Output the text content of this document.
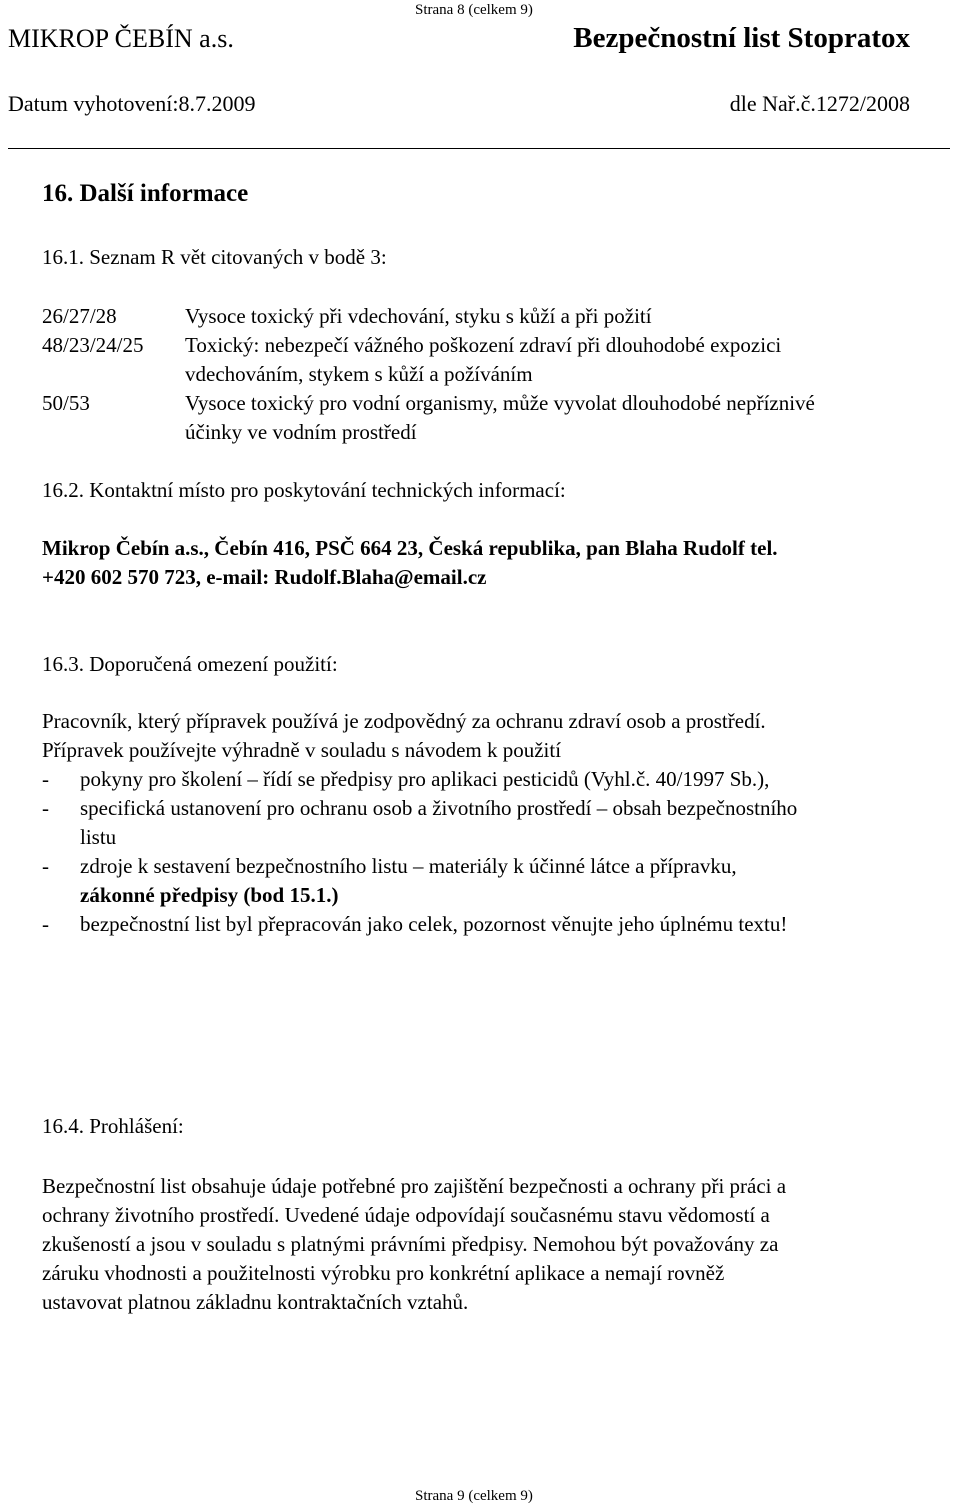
Strana 8 (celkem 9)
MIKROP ČEBÍN a.s.	Bezpečnostní list Stopratox
Datum vyhotovení:8.7.2009	dle Nař.č.1272/2008
16. Další informace
16.1. Seznam R vět citovaných v bodě 3:
26/27/28	Vysoce toxický při vdechování, styku s kůží a při požití
48/23/24/25 Toxický: nebezpečí vážného poškození zdraví při dlouhodobé expozici
vdechováním, stykem s kůží a požíváním
50/53	Vysoce toxický pro vodní organismy, může vyvolat dlouhodobé nepříznivé
účinky ve vodním prostředí
16.2. Kontaktní místo pro poskytování technických informací:
Mikrop Čebín a.s., Čebín 416, PSČ 664 23, Česká republika, pan Blaha Rudolf tel.
+420 602 570 723, e-mail: Rudolf.Blaha@email.cz
16.3. Doporučená omezení použití:
Pracovník, který přípravek používá je zodpovědný za ochranu zdraví osob a prostředí.
Přípravek používejte výhradně v souladu s návodem k použití
- pokyny pro školení – řídí se předpisy pro aplikaci pesticidů (Vyhl.č. 40/1997 Sb.),
- specifická ustanovení pro ochranu osob a životního prostředí – obsah bezpečnostního
listu
- zdroje k sestavení bezpečnostního listu – materiály k účinné látce a přípravku,
zákonné předpisy (bod 15.1.)
- bezpečnostní list byl přepracován jako celek, pozornost věnujte jeho úplnému textu!
16.4. Prohlášení:
Bezpečnostní list obsahuje údaje potřebné pro zajištění bezpečnosti a ochrany při práci a
ochrany životního prostředí. Uvedené údaje odpovídají současnému stavu vědomostí a
zkušeností a jsou v souladu s platnými právními předpisy. Nemohou být považovány za
záruku vhodnosti a použitelnosti výrobku pro konkrétní aplikace a nemají rovněž
ustavovat platnou základnu kontraktačních vztahů.
Strana 9 (celkem 9)
